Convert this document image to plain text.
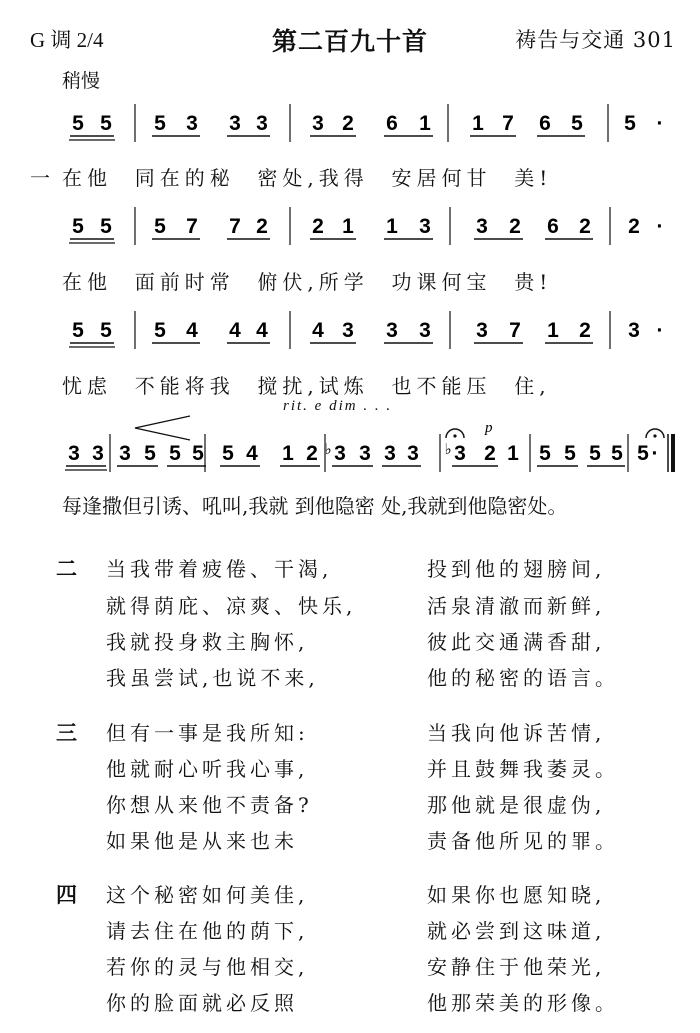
G 调 2/4	第二百九十首	祷告与交通 301
稍慢
rit. e dim . . .
5 5 5 3 3 3 3 2 6 1 1 7 6 5 5 ·
5 5 5 7 7 2 2 1 1 3 3 2 6 2 2 ·
5 5 5 4 4 4 4 3 3 3 3 7 1 2 3 ·
3 3 3 5 5 5 5 4 1 2 3
♭ 3 3 3 3
♭ 2 1 5 5 5 5 5 ·
p
一 在他  同在的秘  密处,我得  安居何甘  美!
在他  面前时常  俯伏,所学  功课何宝  贵!
忧虑  不能将我  搅扰,试炼  也不能压  住,
每逢撒但引诱、吼叫,我就 到他隐密 处,我就到他隐密处。
二 当我带着疲倦、干渴,	投到他的翅膀间,
就得荫庇、凉爽、快乐,	活泉清澈而新鲜,
我就投身救主胸怀,	彼此交通满香甜,
我虽尝试,也说不来,	他的秘密的语言。
三 但有一事是我所知:	当我向他诉苦情,
他就耐心听我心事,	并且鼓舞我萎灵。
你想从来他不责备?	那他就是很虚伪,
如果他是从来也未	责备他所见的罪。
四 这个秘密如何美佳,	如果你也愿知晓,
请去住在他的荫下,	就必尝到这味道,
若你的灵与他相交,	安静住于他荣光,
你的脸面就必反照	他那荣美的形像。
